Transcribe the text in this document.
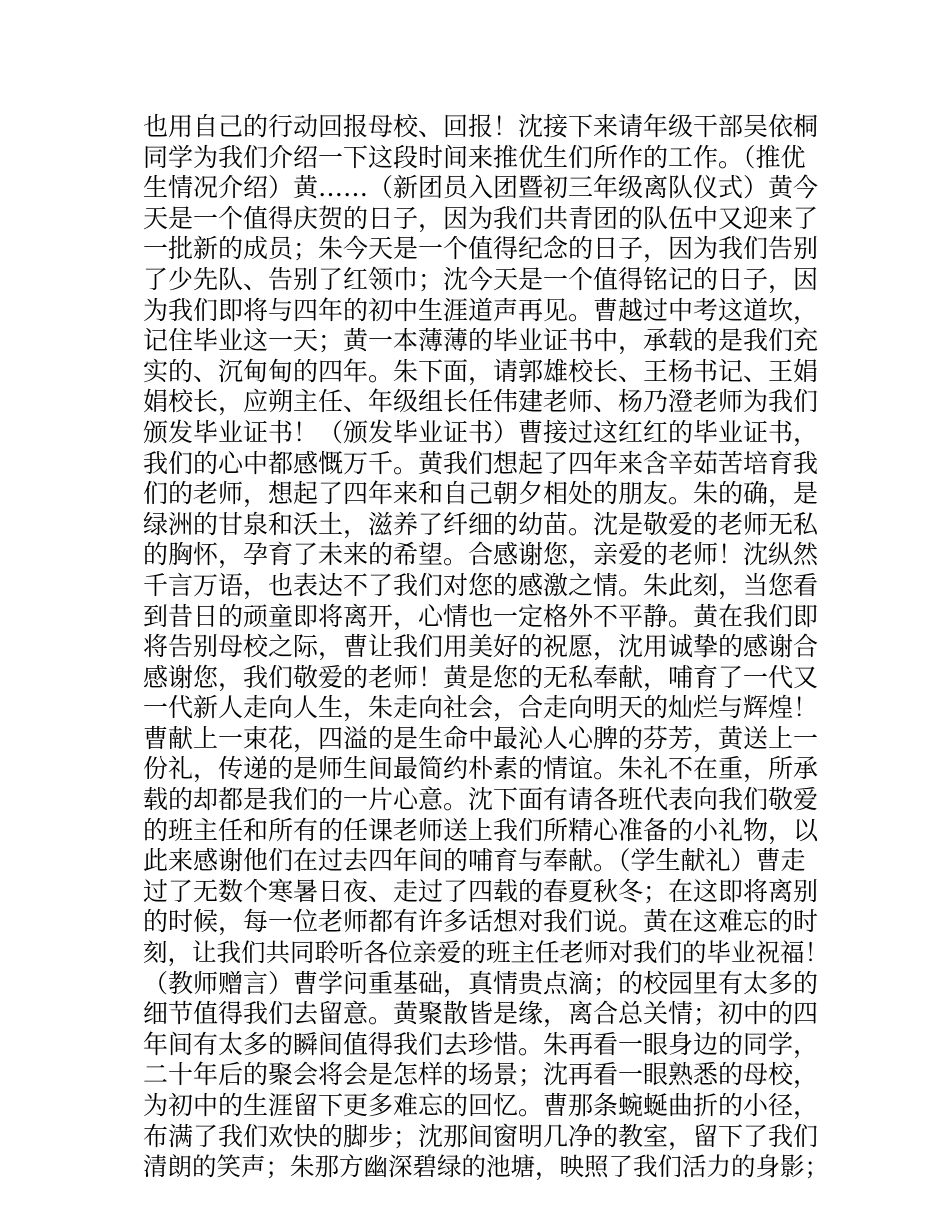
也用自己的行动回报母校、回报！沈接下来请年级干部吴依桐
同学为我们介绍一下这段时间来推优生们所作的工作。（推优
生情况介绍）黄……（新团员入团暨初三年级离队仪式）黄今
天是一个值得庆贺的日子，因为我们共青团的队伍中又迎来了
一批新的成员；朱今天是一个值得纪念的日子，因为我们告别
了少先队、告别了红领巾；沈今天是一个值得铭记的日子，因
为我们即将与四年的初中生涯道声再见。曹越过中考这道坎，
记住毕业这一天；黄一本薄薄的毕业证书中，承载的是我们充
实的、沉甸甸的四年。朱下面，请郭雄校长、王杨书记、王娟
娟校长，应朔主任、年级组长任伟建老师、杨乃澄老师为我们
颁发毕业证书！（颁发毕业证书）曹接过这红红的毕业证书，
我们的心中都感慨万千。黄我们想起了四年来含辛茹苦培育我
们的老师，想起了四年来和自己朝夕相处的朋友。朱的确，是
绿洲的甘泉和沃土，滋养了纤细的幼苗。沈是敬爱的老师无私
的胸怀，孕育了未来的希望。合感谢您，亲爱的老师！沈纵然
千言万语，也表达不了我们对您的感激之情。朱此刻，当您看
到昔日的顽童即将离开，心情也一定格外不平静。黄在我们即
将告别母校之际，曹让我们用美好的祝愿，沈用诚挚的感谢合
感谢您，我们敬爱的老师！黄是您的无私奉献，哺育了一代又
一代新人走向人生，朱走向社会，合走向明天的灿烂与辉煌！
曹献上一束花，四溢的是生命中最沁人心脾的芬芳，黄送上一
份礼，传递的是师生间最简约朴素的情谊。朱礼不在重，所承
载的却都是我们的一片心意。沈下面有请各班代表向我们敬爱
的班主任和所有的任课老师送上我们所精心准备的小礼物，以
此来感谢他们在过去四年间的哺育与奉献。（学生献礼）曹走
过了无数个寒暑日夜、走过了四载的春夏秋冬；在这即将离别
的时候，每一位老师都有许多话想对我们说。黄在这难忘的时
刻，让我们共同聆听各位亲爱的班主任老师对我们的毕业祝福！
（教师赠言）曹学问重基础，真情贵点滴；的校园里有太多的
细节值得我们去留意。黄聚散皆是缘，离合总关情；初中的四
年间有太多的瞬间值得我们去珍惜。朱再看一眼身边的同学，
二十年后的聚会将会是怎样的场景；沈再看一眼熟悉的母校，
为初中的生涯留下更多难忘的回忆。曹那条蜿蜒曲折的小径，
布满了我们欢快的脚步；沈那间窗明几净的教室，留下了我们
清朗的笑声；朱那方幽深碧绿的池塘，映照了我们活力的身影；
